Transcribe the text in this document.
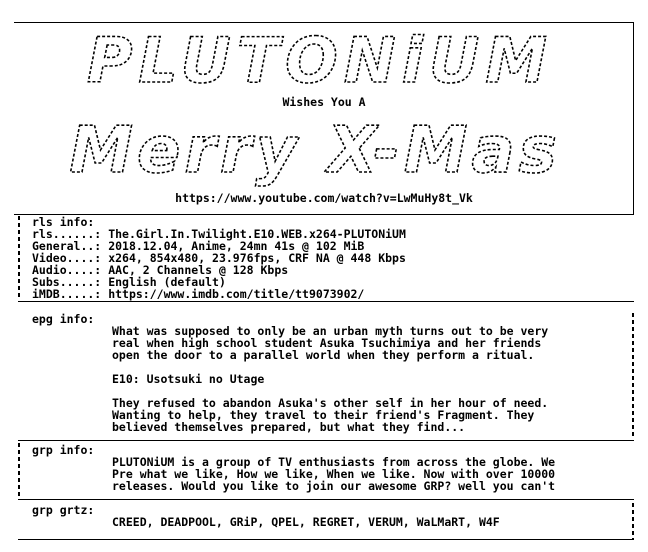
PLUTONiUM
Wishes You A
Merry X-Mas
https://www.youtube.com/watch?v=LwMuHy8t_Vk
rls info:
rls......: The.Girl.In.Twilight.E10.WEB.x264-PLUTONiUM
General..: 2018.12.04, Anime, 24mn 41s @ 102 MiB
Video....: x264, 854x480, 23.976fps, CRF NA @ 448 Kbps
Audio....: AAC, 2 Channels @ 128 Kbps
Subs.....: English (default)
iMDB.....: https://www.imdb.com/title/tt9073902/
epg info:
What was supposed to only be an urban myth turns out to be very
real when high school student Asuka Tsuchimiya and her friends
open the door to a parallel world when they perform a ritual.
E10: Usotsuki no Utage
They refused to abandon Asuka's other self in her hour of need.
Wanting to help, they travel to their friend's Fragment. They
believed themselves prepared, but what they find...
grp info:
PLUTONiUM is a group of TV enthusiasts from across the globe. We
Pre what we like, How we like, When we like. Now with over 10000
releases. Would you like to join our awesome GRP? well you can't
grp grtz:
CREED, DEADPOOL, GRiP, QPEL, REGRET, VERUM, WaLMaRT, W4F
